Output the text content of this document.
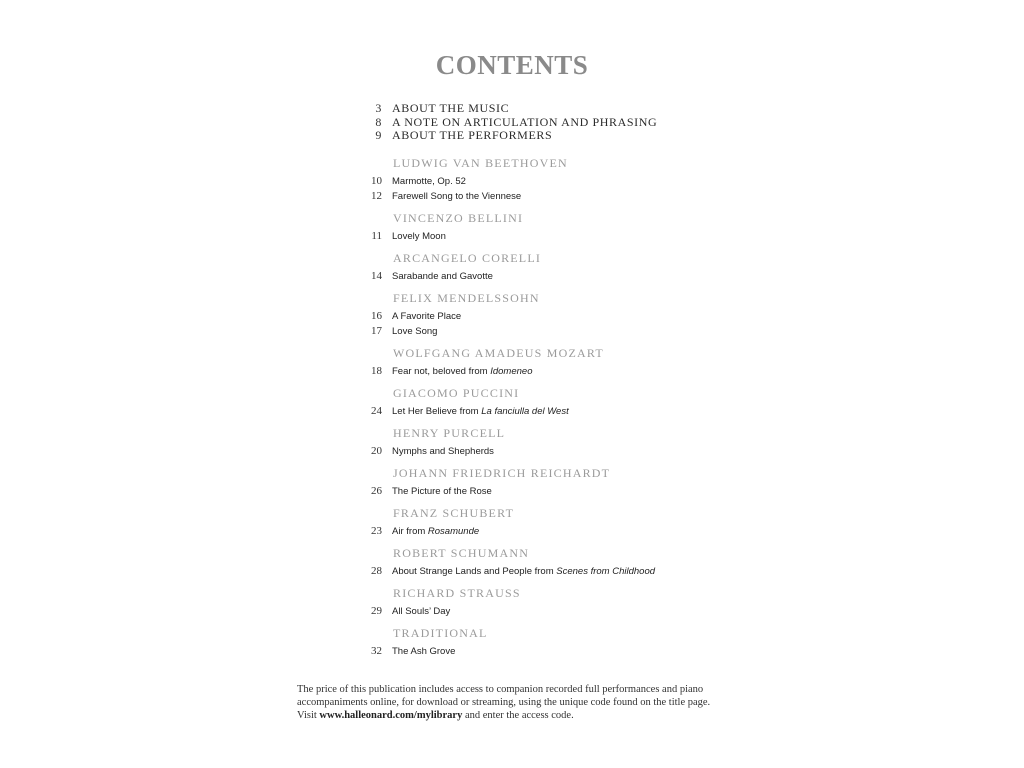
CONTENTS
3 ABOUT THE MUSIC
8 A NOTE ON ARTICULATION AND PHRASING
9 ABOUT THE PERFORMERS
LUDWIG VAN BEETHOVEN
10 Marmotte, Op. 52
12 Farewell Song to the Viennese
VINCENZO BELLINI
11 Lovely Moon
ARCANGELO CORELLI
14 Sarabande and Gavotte
FELIX MENDELSSOHN
16 A Favorite Place
17 Love Song
WOLFGANG AMADEUS MOZART
18 Fear not, beloved from Idomeneo
GIACOMO PUCCINI
24 Let Her Believe from La fanciulla del West
HENRY PURCELL
20 Nymphs and Shepherds
JOHANN FRIEDRICH REICHARDT
26 The Picture of the Rose
FRANZ SCHUBERT
23 Air from Rosamunde
ROBERT SCHUMANN
28 About Strange Lands and People from Scenes from Childhood
RICHARD STRAUSS
29 All Souls’ Day
TRADITIONAL
32 The Ash Grove
The price of this publication includes access to companion recorded full performances and piano
accompaniments online, for download or streaming, using the unique code found on the title page.
Visit www.halleonard.com/mylibrary and enter the access code.
